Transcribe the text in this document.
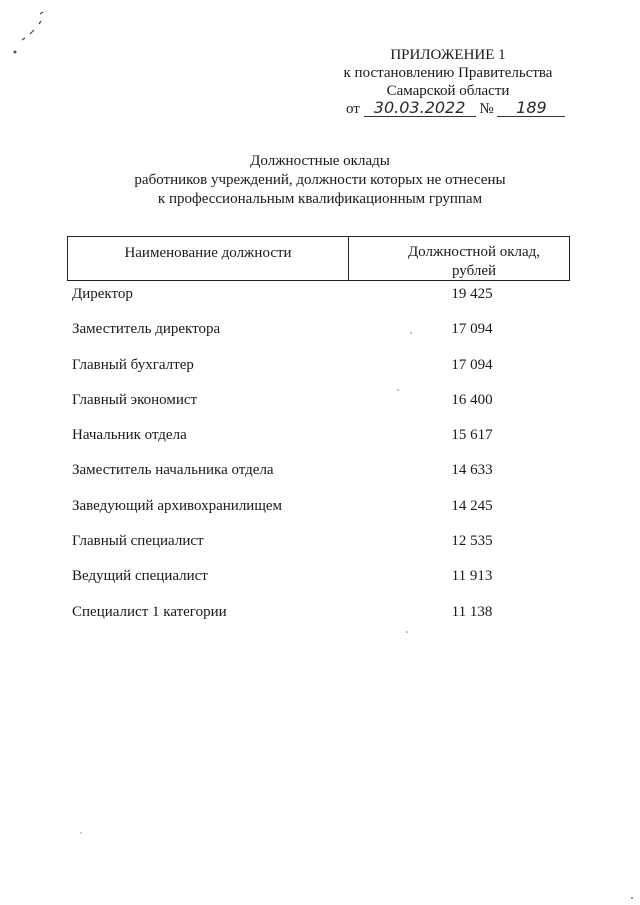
ПРИЛОЖЕНИЕ 1
к постановлению Правительства
Самарской области
от 30.03.2022 № 189
Должностные оклады
работников учреждений, должности которых не отнесены
к профессиональным квалификационным группам
Наименование должности	Должностной оклад,
рублей
Директор	19 425
Заместитель директора	17 094
Главный бухгалтер	17 094
Главный экономист	16 400
Начальник отдела	15 617
Заместитель начальника отдела	14 633
Заведующий архивохранилищем	14 245
Главный специалист	12 535
Ведущий специалист	11 913
Специалист 1 категории	11 138
